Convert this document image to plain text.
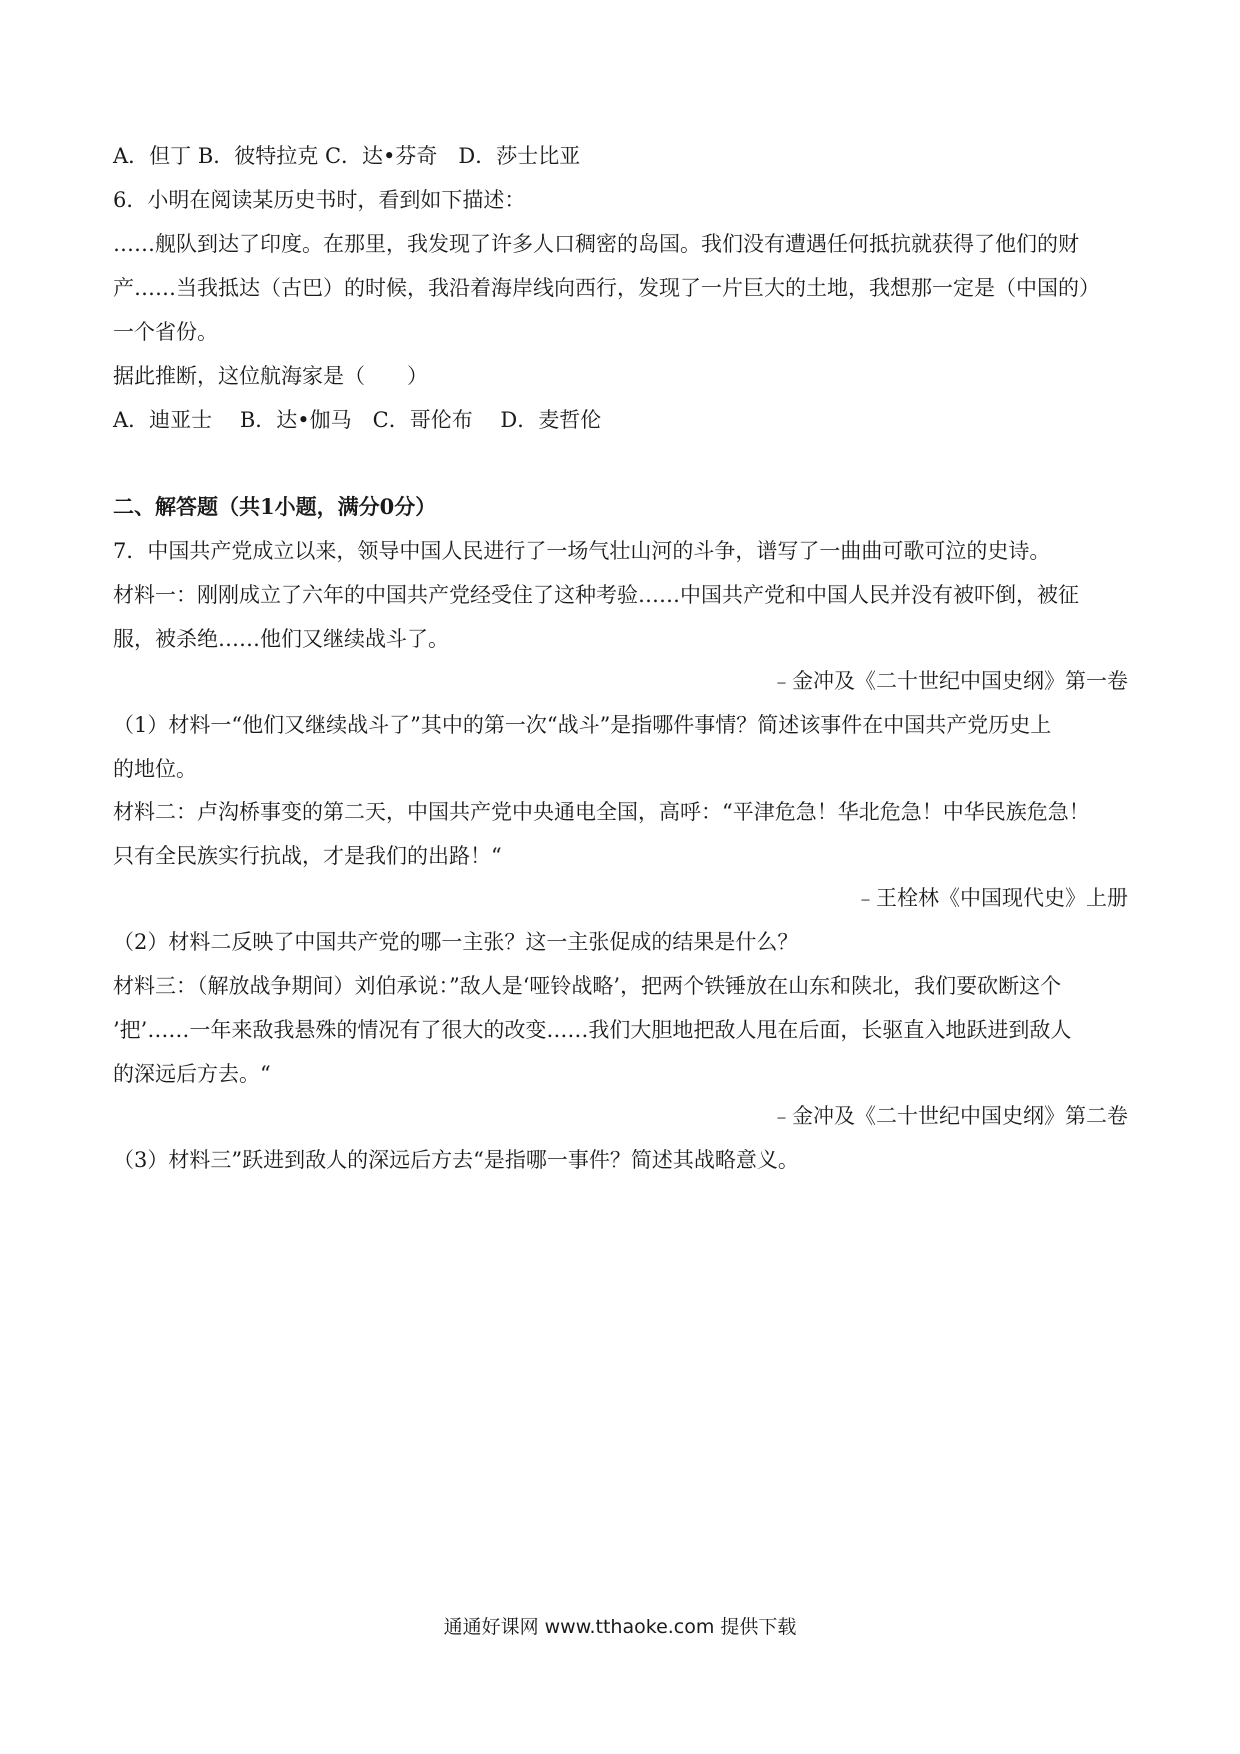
A．但丁 B．彼特拉克 C．达•芬奇　D．莎士比亚
6．小明在阅读某历史书时，看到如下描述：
……舰队到达了印度。在那里，我发现了许多人口稠密的岛国。我们没有遭遇任何抵抗就获得了他们的财
产……当我抵达（古巴）的时候，我沿着海岸线向西行，发现了一片巨大的土地，我想那一定是（中国的）
一个省份。
据此推断，这位航海家是（　　）
A．迪亚士　 B．达•伽马　C．哥伦布　 D．麦哲伦
二、解答题（共1小题，满分0分）
7．中国共产党成立以来，领导中国人民进行了一场气壮山河的斗争，谱写了一曲曲可歌可泣的史诗。
材料一：刚刚成立了六年的中国共产党经受住了这种考验……中国共产党和中国人民并没有被吓倒，被征
服，被杀绝……他们又继续战斗了。
﹣金冲及《二十世纪中国史纲》第一卷
（1）材料一“他们又继续战斗了”其中的第一次“战斗”是指哪件事情？简述该事件在中国共产党历史上
的地位。
材料二：卢沟桥事变的第二天，中国共产党中央通电全国，高呼：“平津危急！华北危急！中华民族危急！
只有全民族实行抗战，才是我们的出路！“
﹣王栓林《中国现代史》上册
（2）材料二反映了中国共产党的哪一主张？这一主张促成的结果是什么？
材料三：（解放战争期间）刘伯承说：”敌人是‘哑铃战略’，把两个铁锤放在山东和陕北，我们要砍断这个
’把’……一年来敌我悬殊的情况有了很大的改变……我们大胆地把敌人甩在后面，长驱直入地跃进到敌人
的深远后方去。“
﹣金冲及《二十世纪中国史纲》第二卷
（3）材料三”跃进到敌人的深远后方去“是指哪一事件？简述其战略意义。
通通好课网 www.tthaoke.com 提供下载
